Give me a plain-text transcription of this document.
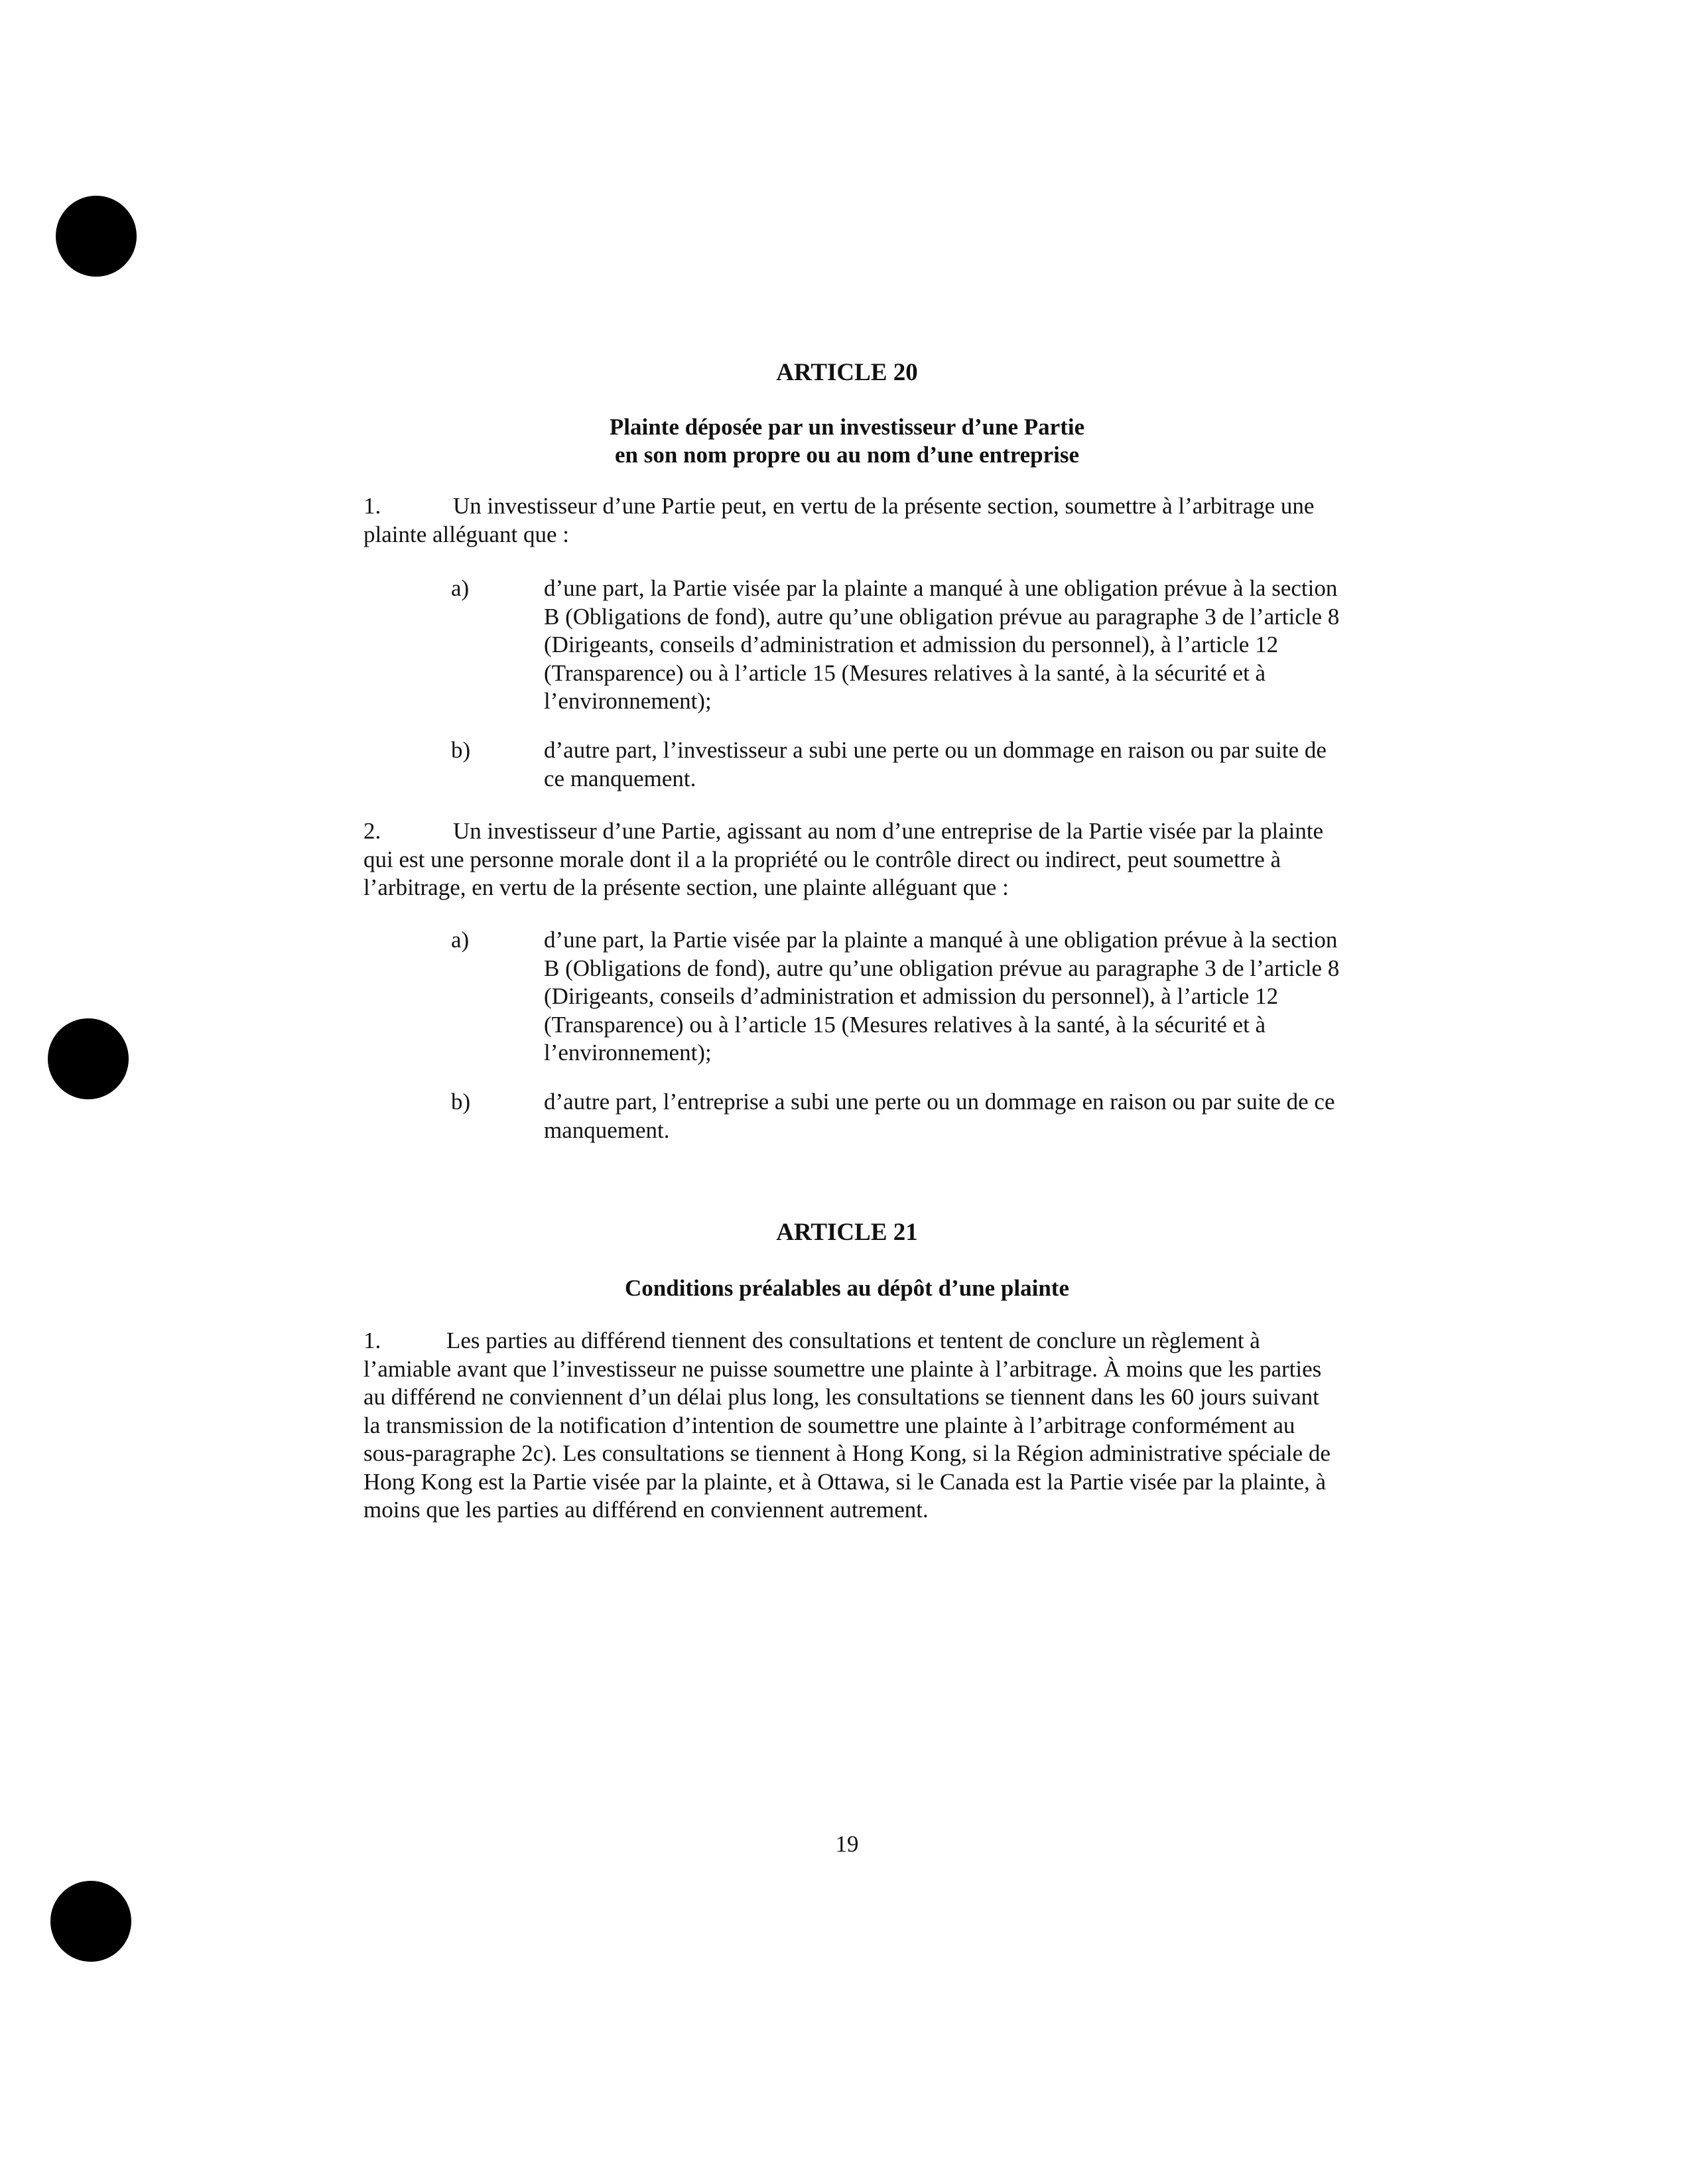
ARTICLE 20
Plainte déposée par un investisseur d’une Partie
en son nom propre ou au nom d’une entreprise
1.	Un investisseur d’une Partie peut, en vertu de la présente section, soumettre à l’arbitrage une plainte alléguant que :
a)	d’une part, la Partie visée par la plainte a manqué à une obligation prévue à la section B (Obligations de fond), autre qu’une obligation prévue au paragraphe 3 de l’article 8 (Dirigeants, conseils d’administration et admission du personnel), à l’article 12 (Transparence) ou à l’article 15 (Mesures relatives à la santé, à la sécurité et à l’environnement);
b)	d’autre part, l’investisseur a subi une perte ou un dommage en raison ou par suite de ce manquement.
2.	Un investisseur d’une Partie, agissant au nom d’une entreprise de la Partie visée par la plainte qui est une personne morale dont il a la propriété ou le contrôle direct ou indirect, peut soumettre à l’arbitrage, en vertu de la présente section, une plainte alléguant que :
a)	d’une part, la Partie visée par la plainte a manqué à une obligation prévue à la section B (Obligations de fond), autre qu’une obligation prévue au paragraphe 3 de l’article 8 (Dirigeants, conseils d’administration et admission du personnel), à l’article 12 (Transparence) ou à l’article 15 (Mesures relatives à la santé, à la sécurité et à l’environnement);
b)	d’autre part, l’entreprise a subi une perte ou un dommage en raison ou par suite de ce manquement.
ARTICLE 21
Conditions préalables au dépôt d’une plainte
1.	Les parties au différend tiennent des consultations et tentent de conclure un règlement à l’amiable avant que l’investisseur ne puisse soumettre une plainte à l’arbitrage. À moins que les parties au différend ne conviennent d’un délai plus long, les consultations se tiennent dans les 60 jours suivant la transmission de la notification d’intention de soumettre une plainte à l’arbitrage conformément au sous-paragraphe 2c). Les consultations se tiennent à Hong Kong, si la Région administrative spéciale de Hong Kong est la Partie visée par la plainte, et à Ottawa, si le Canada est la Partie visée par la plainte, à moins que les parties au différend en conviennent autrement.
19
